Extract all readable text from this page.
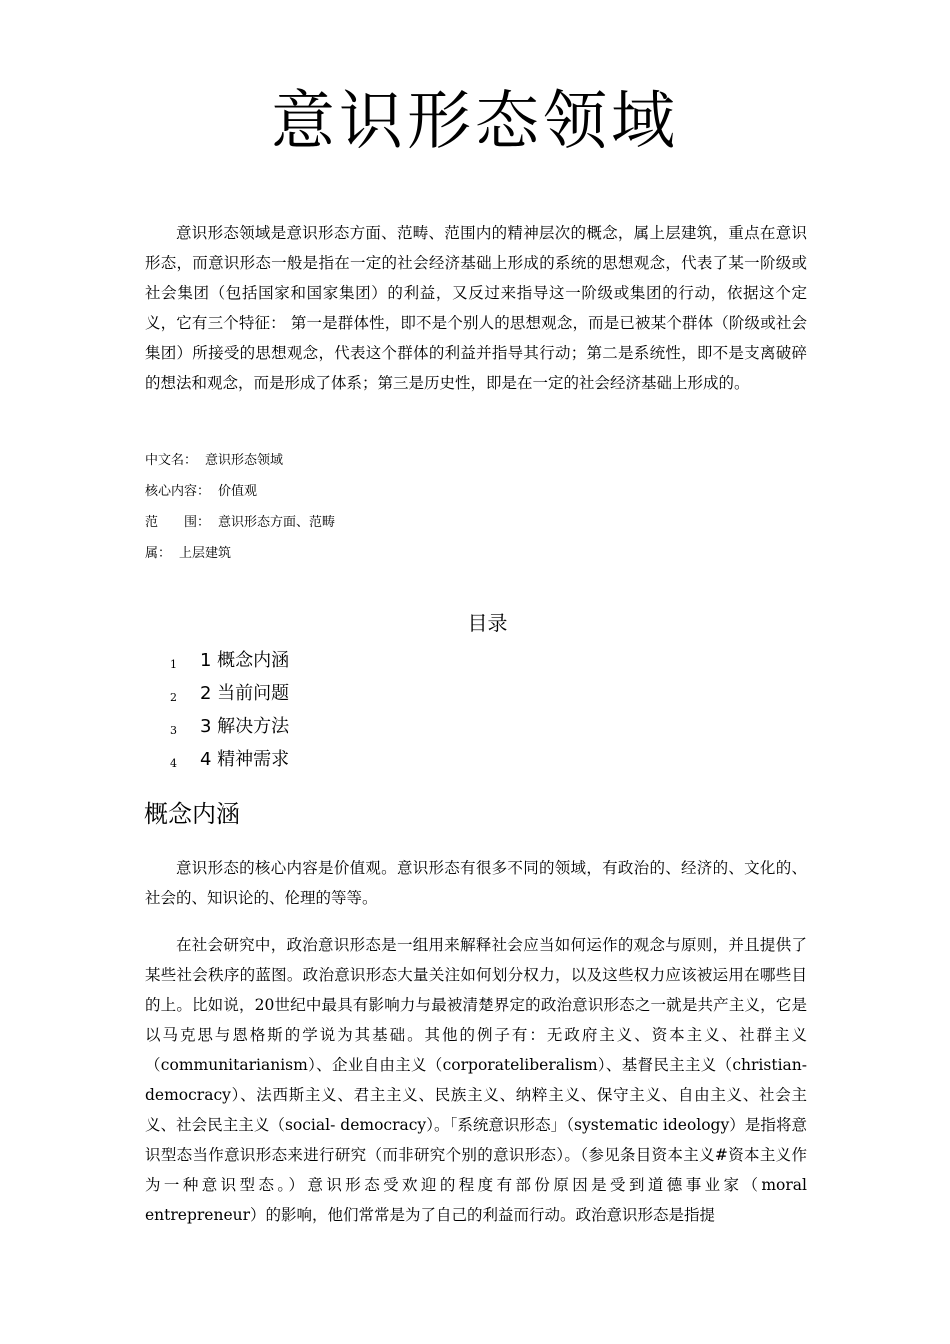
意识形态领域

意识形态领域是意识形态方面、范畴、范围内的精神层次的概念，属上层建筑，重点在意识形态，而意识形态一般是指在一定的社会经济基础上形成的系统的思想观念，代表了某一阶级或社会集团（包括国家和国家集团）的利益，又反过来指导这一阶级或集团的行动，依据这个定义，它有三个特征： 第一是群体性，即不是个别人的思想观念，而是已被某个群体（阶级或社会集团）所接受的思想观念，代表这个群体的利益并指导其行动；第二是系统性，即不是支离破碎的想法和观念，而是形成了体系；第三是历史性，即是在一定的社会经济基础上形成的。

中文名： 意识形态领域
核心内容： 价值观
范　　围： 意识形态方面、范畴
属： 上层建筑
目录
1 1 概念内涵
2 2 当前问题
3 3 解决方法
4 4 精神需求
概念内涵

意识形态的核心内容是价值观。意识形态有很多不同的领域，有政治的、经济的、文化的、社会的、知识论的、伦理的等等。

在社会研究中，政治意识形态是一组用来解释社会应当如何运作的观念与原则，并且提供了某些社会秩序的蓝图。政治意识形态大量关注如何划分权力，以及这些权力应该被运用在哪些目的上。比如说，20世纪中最具有影响力与最被清楚界定的政治意识形态之一就是共产主义，它是以马克思与恩格斯的学说为其基础。其他的例子有：无政府主义、资本主义、社群主义（communitarianism）、企业自由主义（corporateliberalism）、基督民主主义（christian-democracy）、法西斯主义、君主主义、民族主义、纳粹主义、保守主义、自由主义、社会主义、社会民主主义（social- democracy）。「系统意识形态」（systematic ideology）是指将意识型态当作意识形态来进行研究（而非研究个别的意识形态）。（参见条目资本主义#资本主义作为一种意识型态。）意识形态受欢迎的程度有部份原因是受到道德事业家（moral entrepreneur）的影响，他们常常是为了自己的利益而行动。政治意识形态是指提
